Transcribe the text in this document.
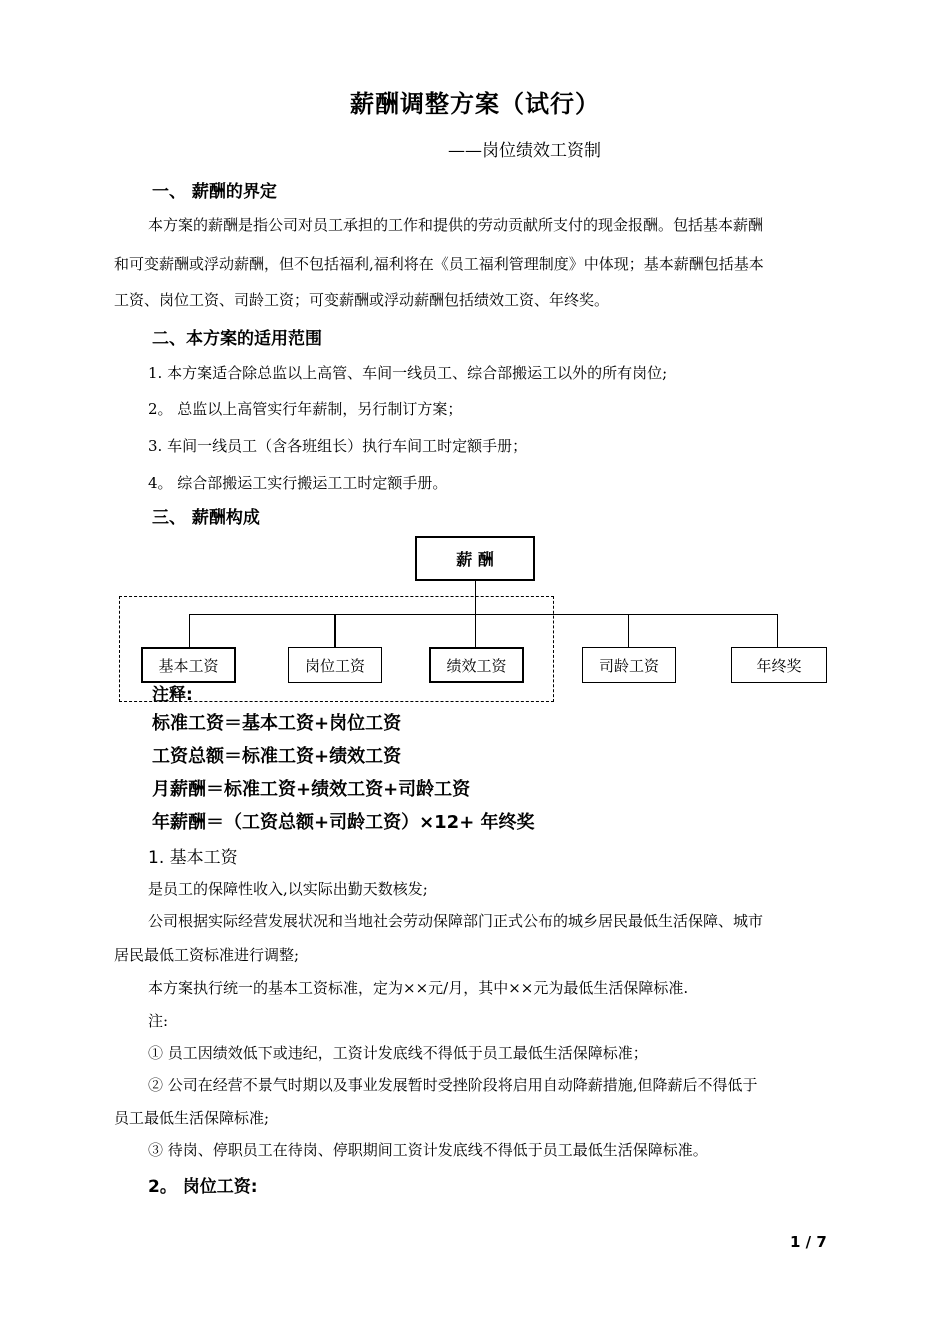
薪酬调整方案（试行）
——岗位绩效工资制
一、 薪酬的界定
本方案的薪酬是指公司对员工承担的工作和提供的劳动贡献所支付的现金报酬。包括基本薪酬
和可变薪酬或浮动薪酬，但不包括福利,福利将在《员工福利管理制度》中体现；基本薪酬包括基本
工资、岗位工资、司龄工资；可变薪酬或浮动薪酬包括绩效工资、年终奖。
二、本方案的适用范围
1. 本方案适合除总监以上高管、车间一线员工、综合部搬运工以外的所有岗位;
2。 总监以上高管实行年薪制，另行制订方案；
3. 车间一线员工（含各班组长）执行车间工时定额手册；
4。 综合部搬运工实行搬运工工时定额手册。
三、 薪酬构成
薪 酬
基本工资	岗位工资	绩效工资	司龄工资	年终奖
注释:
标准工资＝基本工资+岗位工资
工资总额＝标准工资+绩效工资
月薪酬＝标准工资+绩效工资+司龄工资
年薪酬＝（工资总额+司龄工资）×12+ 年终奖
1. 基本工资
是员工的保障性收入,以实际出勤天数核发;
公司根据实际经营发展状况和当地社会劳动保障部门正式公布的城乡居民最低生活保障、城市
居民最低工资标准进行调整;
本方案执行统一的基本工资标准，定为××元/月，其中××元为最低生活保障标准.
注:
① 员工因绩效低下或违纪，工资计发底线不得低于员工最低生活保障标准；
② 公司在经营不景气时期以及事业发展暂时受挫阶段将启用自动降薪措施,但降薪后不得低于
员工最低生活保障标准;
③ 待岗、停职员工在待岗、停职期间工资计发底线不得低于员工最低生活保障标准。
2。 岗位工资:
1 / 7
